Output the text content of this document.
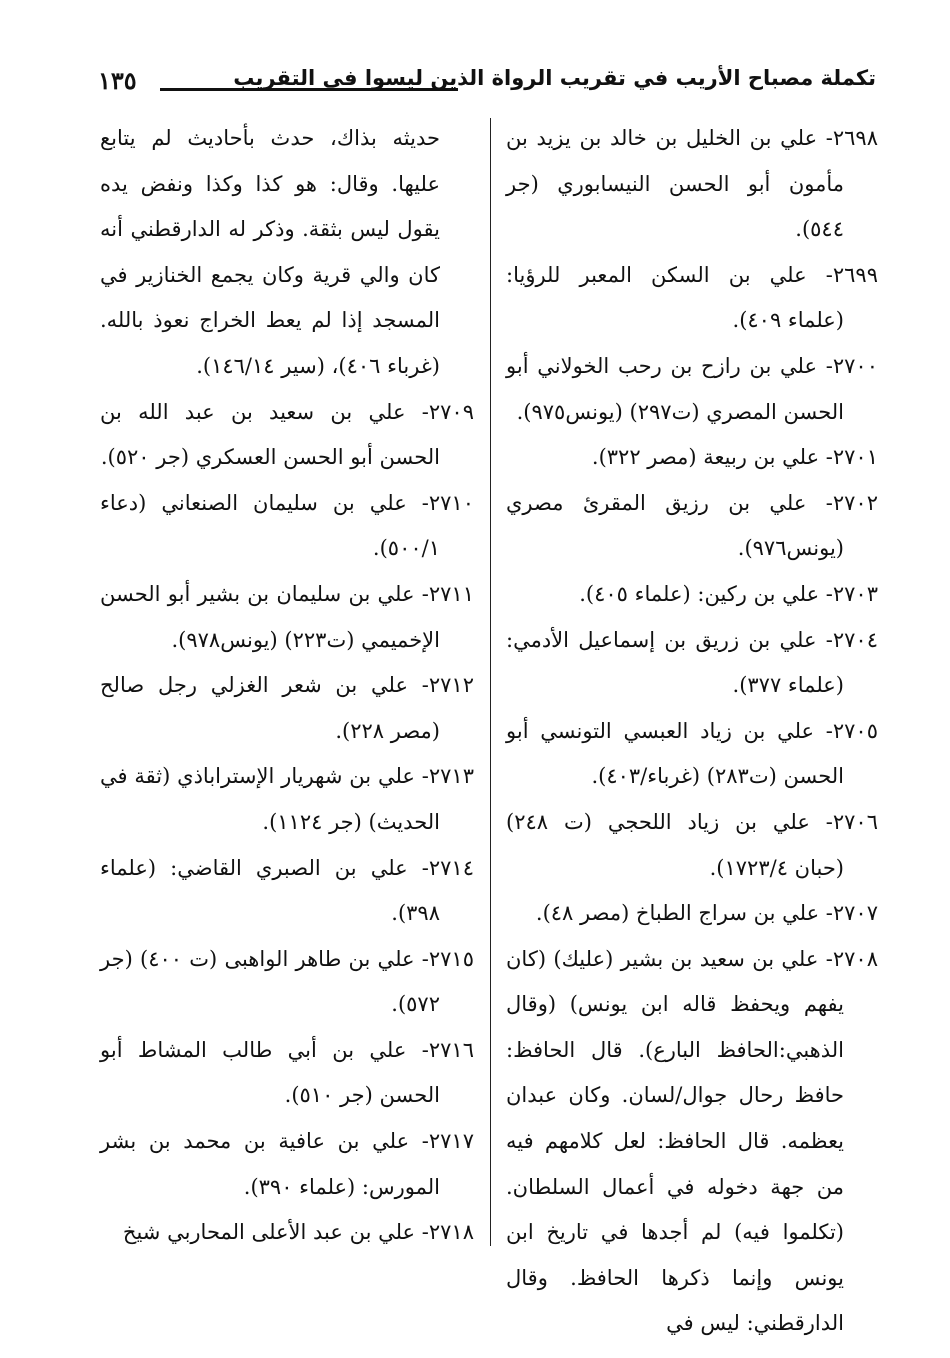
تكملة مصباح الأريب في تقريب الرواة الذين ليسوا في التقريب
١٣٥

٢٦٩٨- علي بن الخليل بن خالد بن يزيد بن مأمون أبو الحسن النيسابوري (جر ٥٤٤).

٢٦٩٩- علي بن السكن المعبر للرؤيا: (علماء ٤٠٩).

٢٧٠٠- علي بن رازح بن رحب الخولاني أبو الحسن المصري (ت٢٩٧) (يونس٩٧٥).

٢٧٠١- علي بن ربيعة (مصر ٣٢٢).

٢٧٠٢- علي بن رزيق المقرئ مصري (يونس٩٧٦).

٢٧٠٣- علي بن ركين: (علماء ٤٠٥).

٢٧٠٤- علي بن زريق بن إسماعيل الأدمي: (علماء ٣٧٧).

٢٧٠٥- علي بن زياد العبسي التونسي أبو الحسن (ت٢٨٣) (غرباء/٤٠٣).

٢٧٠٦- علي بن زياد اللحجي (ت ٢٤٨) (حبان ١٧٢٣/٤).

٢٧٠٧- علي بن سراج الطباخ (مصر ٤٨).

٢٧٠٨- علي بن سعيد بن بشير (عليك) (كان يفهم ويحفظ قاله ابن يونس) (وقال الذهبي:الحافظ البارع). قال الحافظ: حافظ رحال جوال/لسان. وكان عبدان يعظمه. قال الحافظ: لعل كلامهم فيه من جهة دخوله في أعمال السلطان. (تكلموا فيه) لم أجدها في تاريخ ابن يونس وإنما ذكرها الحافظ. وقال الدارقطني: ليس في

حديثه بذاك، حدث بأحاديث لم يتابع عليها. وقال: هو كذا وكذا ونفض يده يقول ليس بثقة. وذكر له الدارقطني أنه كان والي قرية وكان يجمع الخنازير في المسجد إذا لم يعط الخراج نعوذ بالله. (غرباء ٤٠٦)، (سير ١٤٦/١٤).

٢٧٠٩- علي بن سعيد بن عبد الله بن الحسن أبو الحسن العسكري (جر ٥٢٠).

٢٧١٠- علي بن سليمان الصنعاني (دعاء ٥٠٠/١).

٢٧١١- علي بن سليمان بن بشير أبو الحسن الإخميمي (ت٢٢٣) (يونس٩٧٨).

٢٧١٢- علي بن شعر الغزلي رجل صالح (مصر ٢٢٨).

٢٧١٣- علي بن شهريار الإستراباذي (ثقة في الحديث) (جر ١١٢٤).

٢٧١٤- علي بن الصبري القاضي: (علماء ٣٩٨).

٢٧١٥- علي بن طاهر الواهبى (ت ٤٠٠) (جر ٥٧٢).

٢٧١٦- علي بن أبي طالب المشاط أبو الحسن (جر ٥١٠).

٢٧١٧- علي بن عافية بن محمد بن بشر المورس: (علماء ٣٩٠).

٢٧١٨- علي بن عبد الأعلى المحاربي شيخ
